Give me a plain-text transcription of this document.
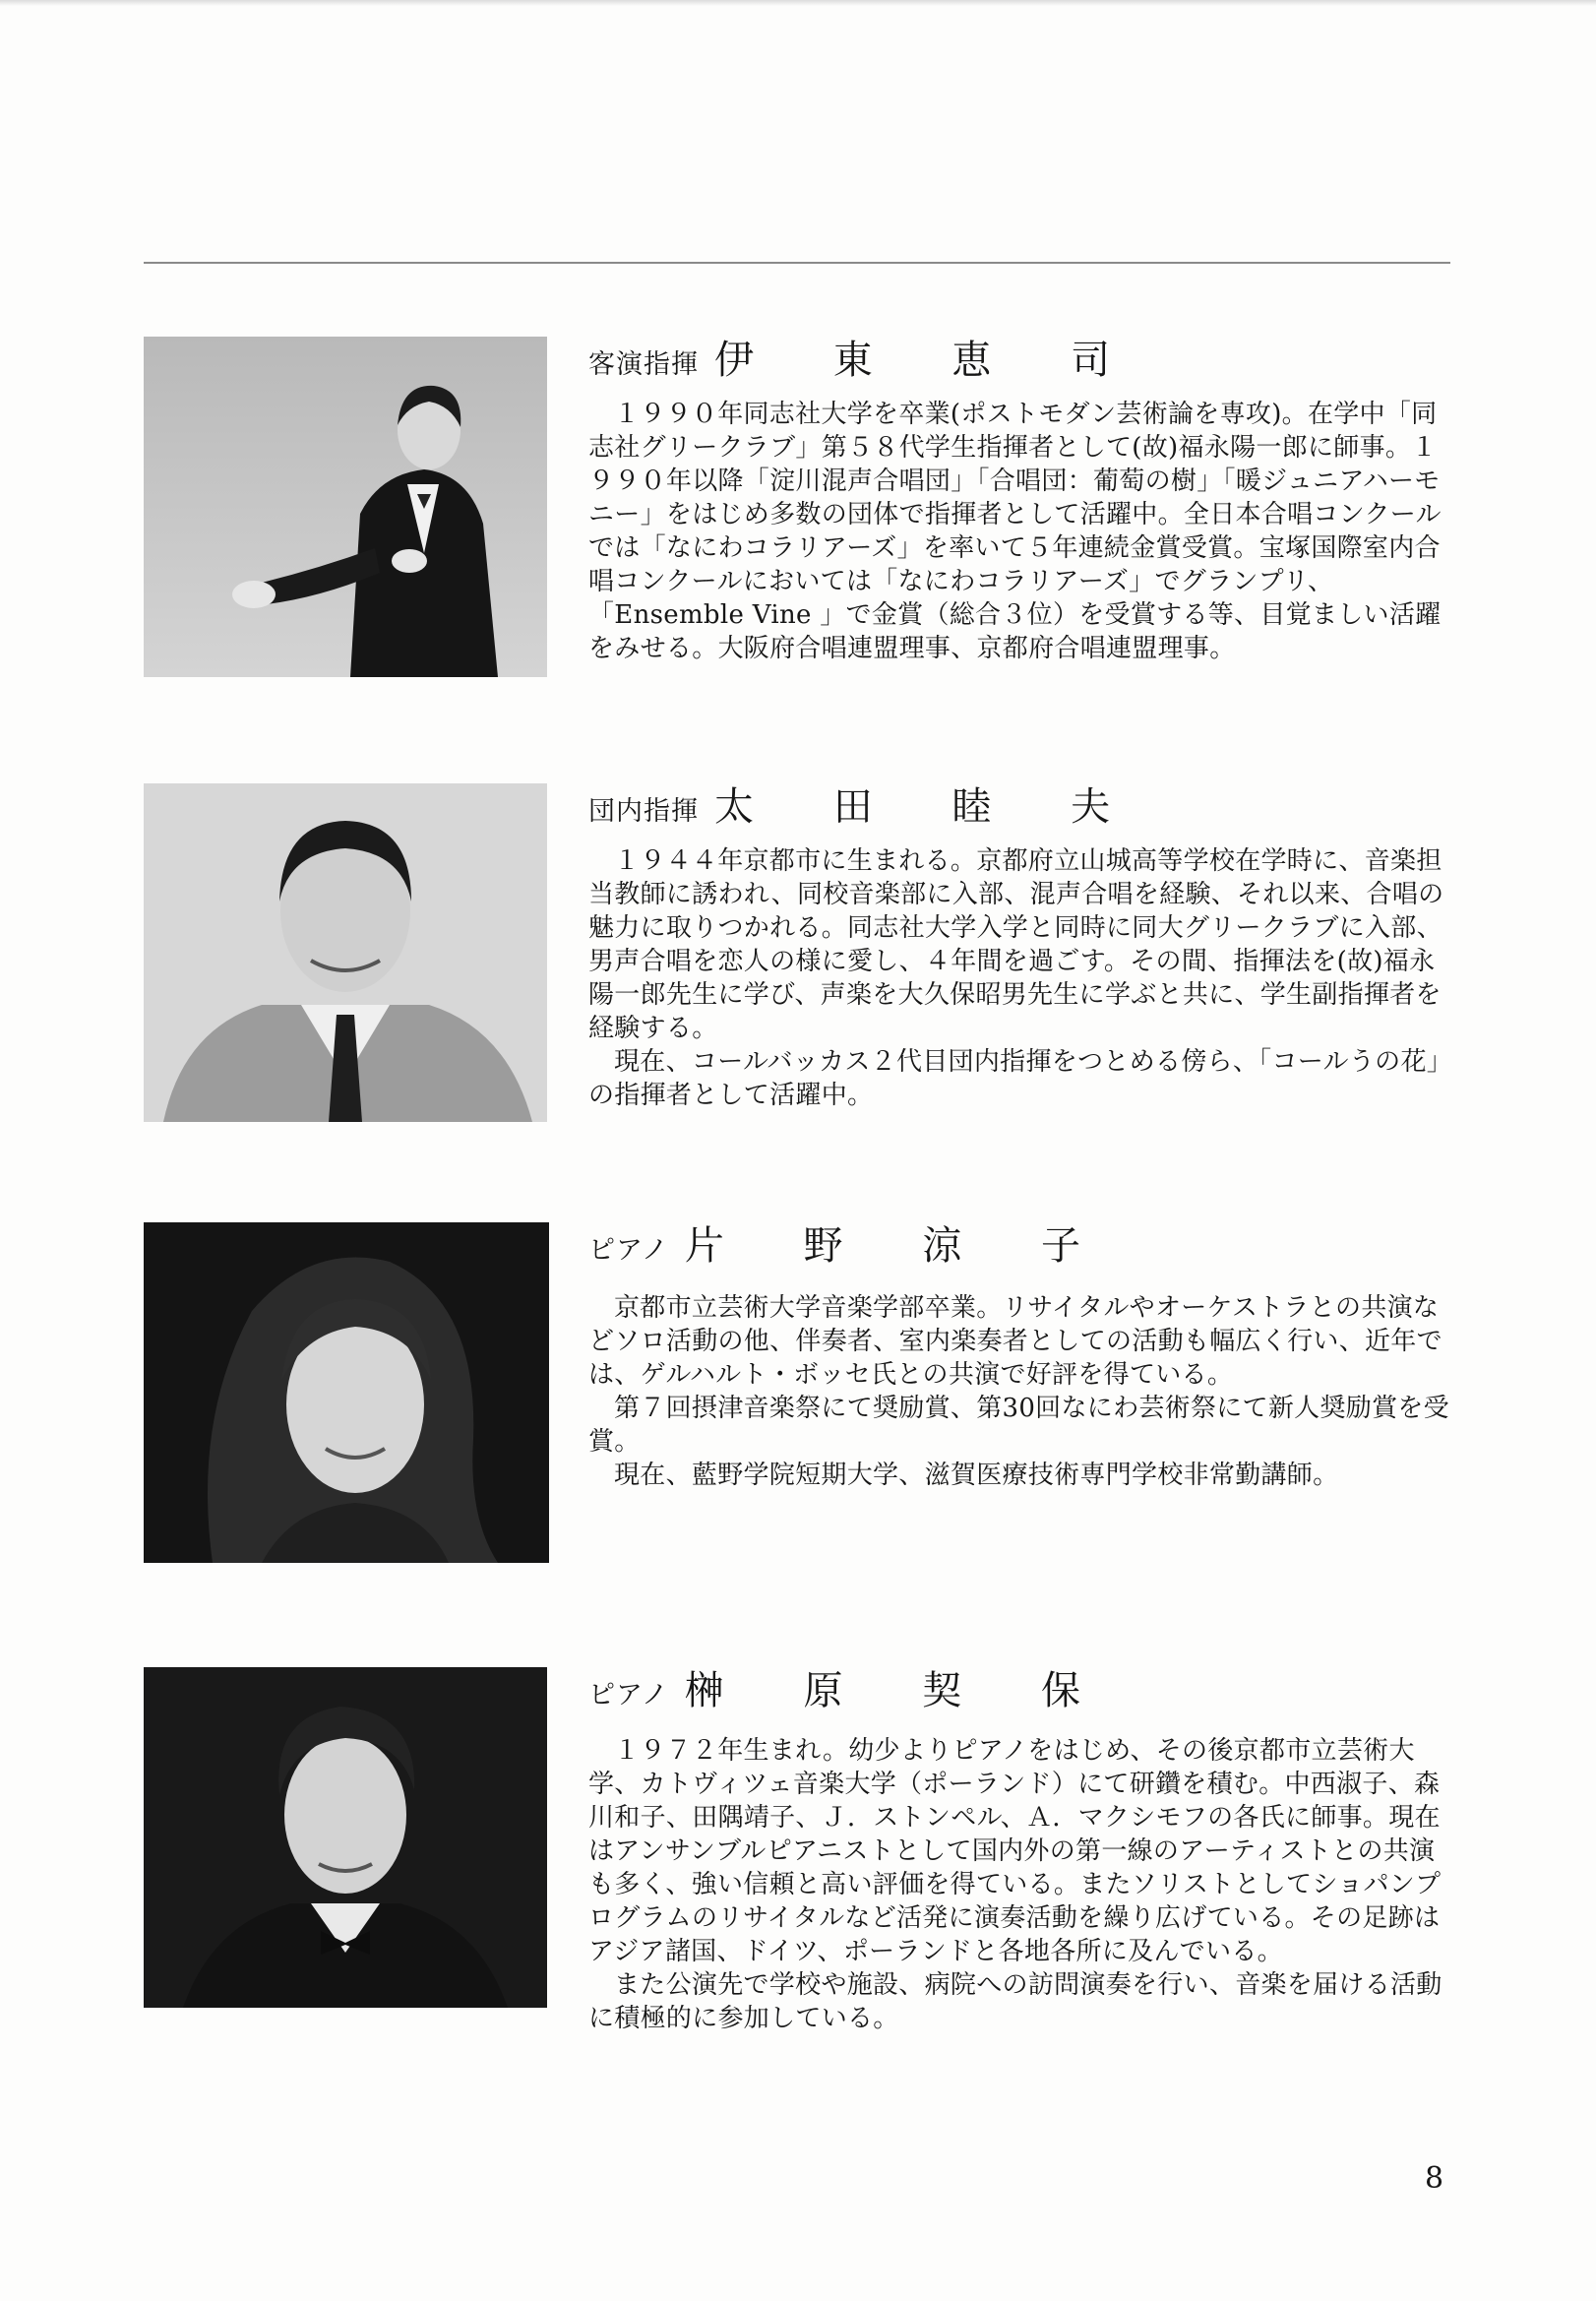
客演指揮 伊 東 恵 司

１９９０年同志社大学を卒業(ポストモダン芸術論を専攻)。在学中「同志社グリークラブ」第５８代学生指揮者として(故)福永陽一郎に師事。１９９０年以降「淀川混声合唱団」「合唱団：葡萄の樹」「暖ジュニアハーモニー」をはじめ多数の団体で指揮者として活躍中。全日本合唱コンクールでは「なにわコラリアーズ」を率いて５年連続金賞受賞。宝塚国際室内合唱コンクールにおいては「なにわコラリアーズ」でグランプリ、「Ensemble Vine 」で金賞（総合３位）を受賞する等、目覚ましい活躍をみせる。大阪府合唱連盟理事、京都府合唱連盟理事。

団内指揮 太 田 睦 夫

１９４４年京都市に生まれる。京都府立山城高等学校在学時に、音楽担当教師に誘われ、同校音楽部に入部、混声合唱を経験、それ以来、合唱の魅力に取りつかれる。同志社大学入学と同時に同大グリークラブに入部、男声合唱を恋人の様に愛し、４年間を過ごす。その間、指揮法を(故)福永陽一郎先生に学び、声楽を大久保昭男先生に学ぶと共に、学生副指揮者を経験する。

現在、コールバッカス２代目団内指揮をつとめる傍ら、「コールうの花」の指揮者として活躍中。

ピアノ 片 野 涼 子

京都市立芸術大学音楽学部卒業。リサイタルやオーケストラとの共演などソロ活動の他、伴奏者、室内楽奏者としての活動も幅広く行い、近年では、ゲルハルト・ボッセ氏との共演で好評を得ている。

第７回摂津音楽祭にて奨励賞、第30回なにわ芸術祭にて新人奨励賞を受賞。

現在、藍野学院短期大学、滋賀医療技術専門学校非常勤講師。

ピアノ 榊 原 契 保

１９７２年生まれ。幼少よりピアノをはじめ、その後京都市立芸術大学、カトヴィツェ音楽大学（ポーランド）にて研鑽を積む。中西淑子、森川和子、田隅靖子、Ｊ．ストンペル、Ａ．マクシモフの各氏に師事。現在はアンサンブルピアニストとして国内外の第一線のアーティストとの共演も多く、強い信頼と高い評価を得ている。またソリストとしてショパンプログラムのリサイタルなど活発に演奏活動を繰り広げている。その足跡はアジア諸国、ドイツ、ポーランドと各地各所に及んでいる。

また公演先で学校や施設、病院への訪問演奏を行い、音楽を届ける活動に積極的に参加している。

8
